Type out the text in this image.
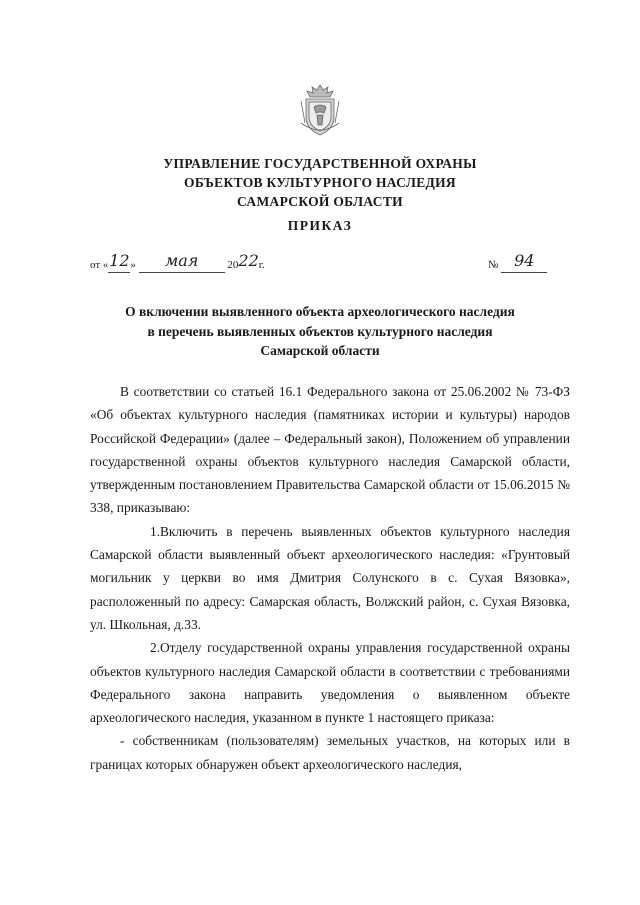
УПРАВЛЕНИЕ ГОСУДАРСТВЕННОЙ ОХРАНЫ
ОБЪЕКТОВ КУЛЬТУРНОГО НАСЛЕДИЯ
САМАРСКОЙ ОБЛАСТИ
ПРИКАЗ
от «12» мая	2022г.	№ 94
О включении выявленного объекта археологического наследия
в перечень выявленных объектов культурного наследия
Самарской области

В соответствии со статьей 16.1 Федерального закона от 25.06.2002 № 73-ФЗ «Об объектах культурного наследия (памятниках истории и культуры) народов Российской Федерации» (далее – Федеральный закон), Положением об управлении государственной охраны объектов культурного наследия Самарской области, утвержденным постановлением Правительства Самарской области от 15.06.2015 № 338, приказываю:

1.Включить в перечень выявленных объектов культурного наследия Самарской области выявленный объект археологического наследия: «Грунтовый могильник у церкви во имя Дмитрия Солунского в с. Сухая Вязовка», расположенный по адресу: Самарская область, Волжский район, с. Сухая Вязовка, ул. Школьная, д.33.

2.Отделу государственной охраны управления государственной охраны объектов культурного наследия Самарской области в соответствии с требованиями Федерального закона направить уведомления о выявленном объекте археологического наследия, указанном в пункте 1 настоящего приказа:

- собственникам (пользователям) земельных участков, на которых или в границах которых обнаружен объект археологического наследия,
